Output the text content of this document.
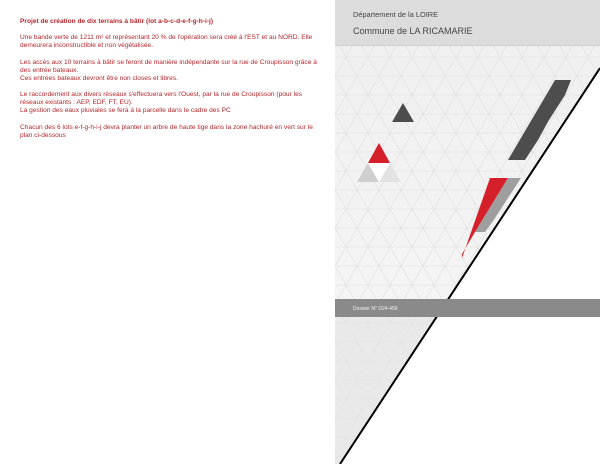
Projet de création de dix terrains à bâtir (lot a-b-c-d-e-f-g-h-i-j)

Une bande verte de 1211 m² et représentant 20 % de l'opération sera créé à l'EST et au NORD. Elle
demeurera inconstructible et non végétalisée.

Les accès aux 10 terrains à bâtir se feront de manière indépendante sur la rue de Croupisson grâce à
des entrée bateaux.
Ces entrées bateaux devront être non closes et libres.

Le raccordement aux divers réseaux s'effectuera vers l'Ouest, par la rue de Croupisson (pour les
réseaux existants : AEP, EDF, FT, EU).
La gestion des eaux pluviales se fera à la parcelle dans le cadre des PC

Chacun des 6 lots e-f-g-h-i-j devra planter un arbre de haute tige dans la zone hachuré en vert sur le
plan ci-dessous

Département de la LOIRE
Commune de LA RICAMARIE
Dossier N° D24-456
